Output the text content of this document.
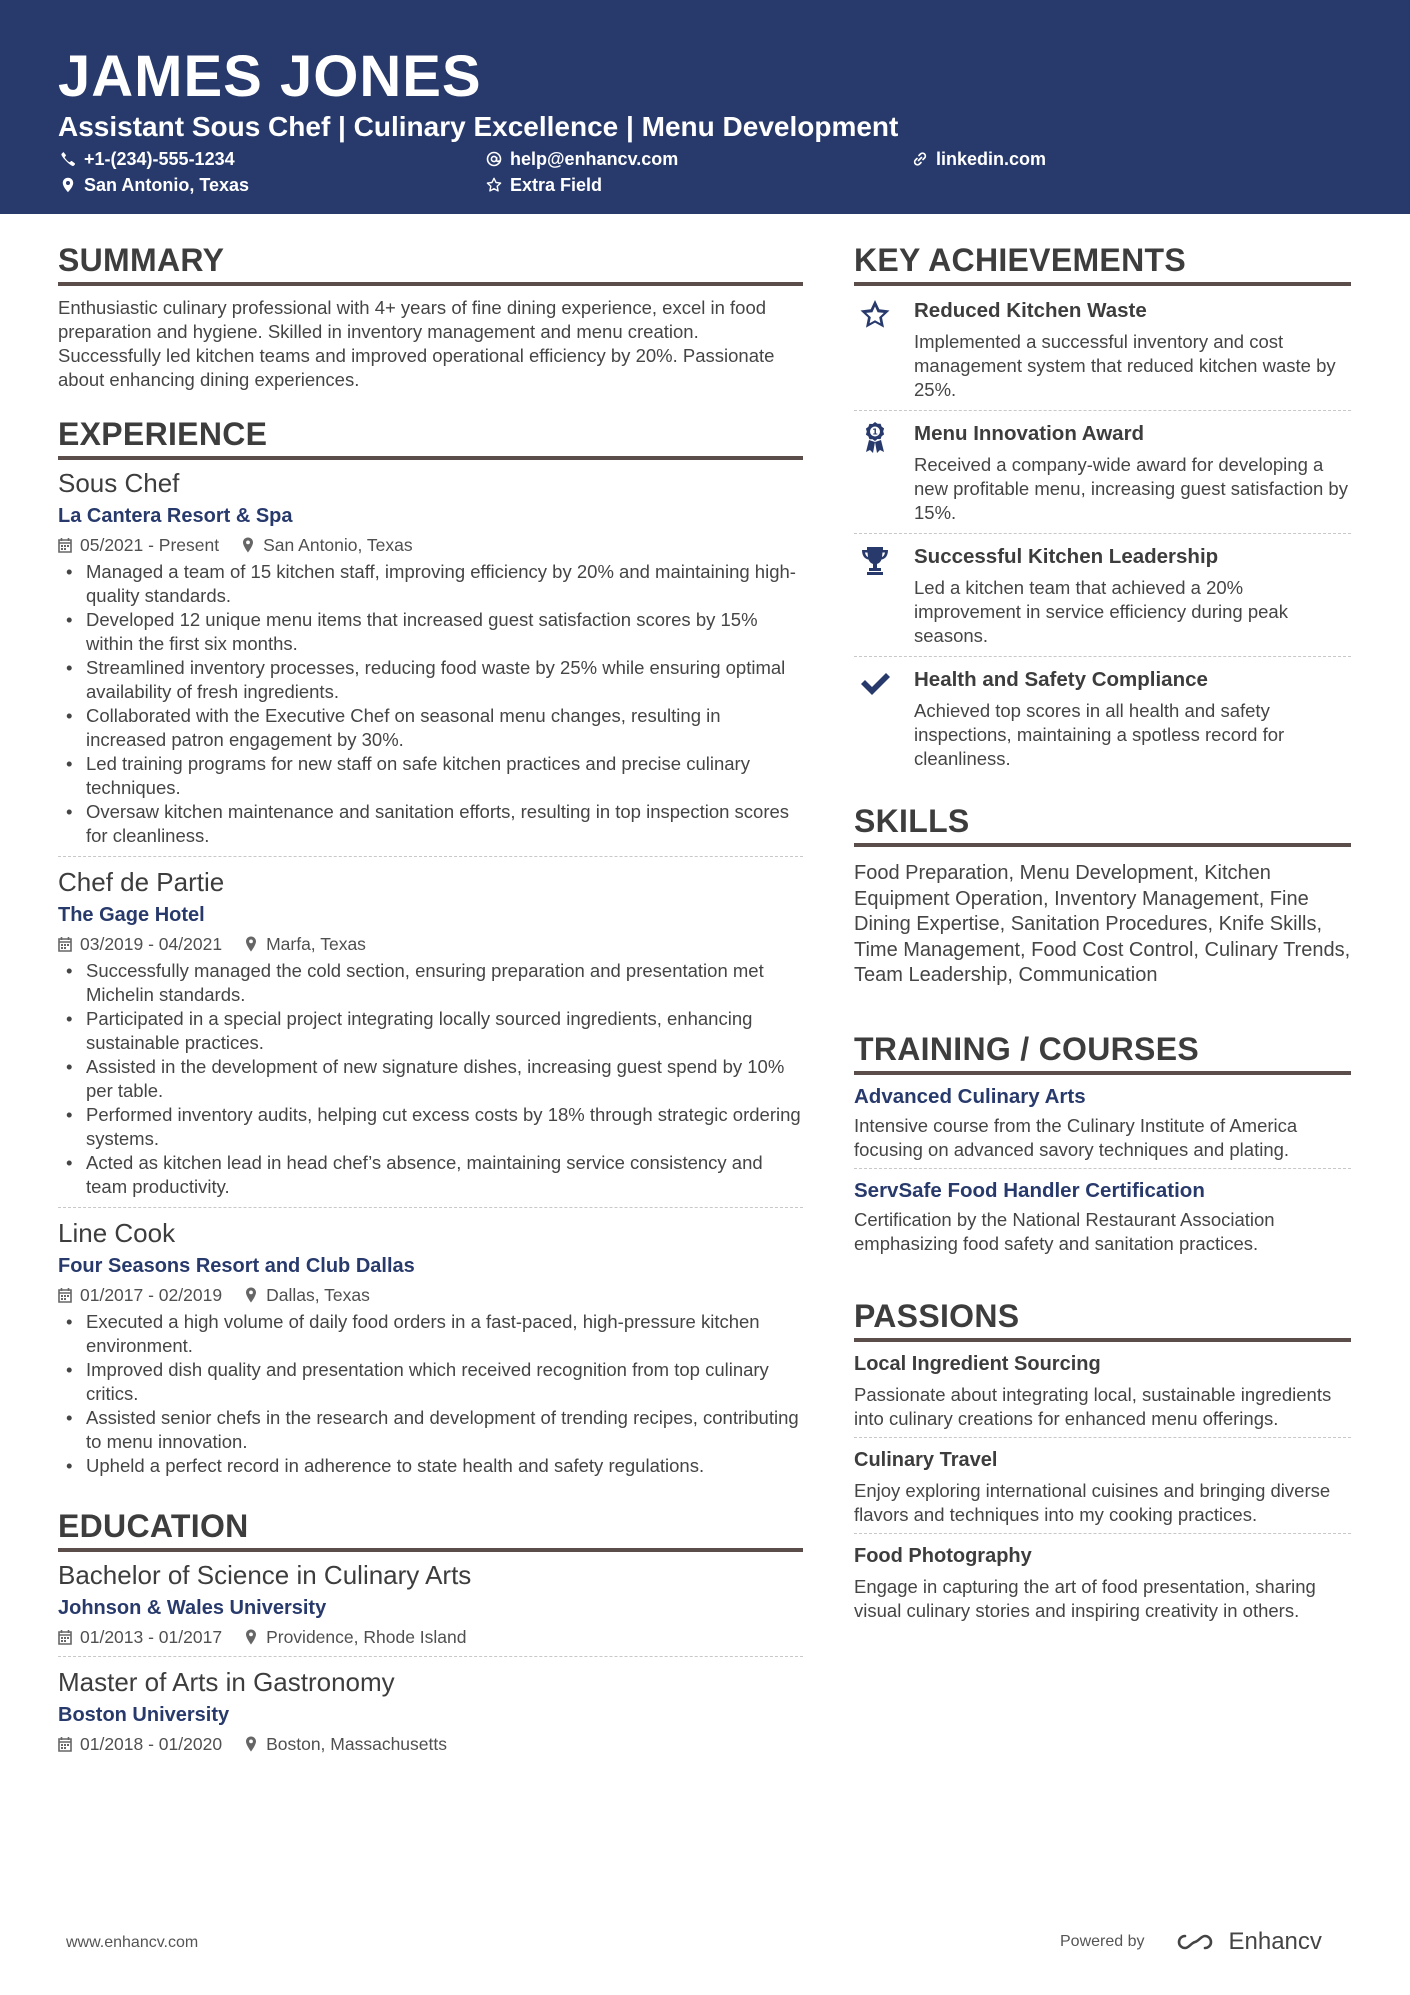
JAMES JONES
Assistant Sous Chef | Culinary Excellence | Menu Development
+1-(234)-555-1234	help@enhancv.com	linkedin.com
San Antonio, Texas	Extra Field
SUMMARY
Enthusiastic culinary professional with 4+ years of fine dining experience, excel in food preparation and hygiene. Skilled in inventory management and menu creation. Successfully led kitchen teams and improved operational efficiency by 20%. Passionate about enhancing dining experiences.
EXPERIENCE
Sous Chef
La Cantera Resort & Spa
05/2021 - Present	San Antonio, Texas
• Managed a team of 15 kitchen staff, improving efficiency by 20% and maintaining high-quality standards.
• Developed 12 unique menu items that increased guest satisfaction scores by 15% within the first six months.
• Streamlined inventory processes, reducing food waste by 25% while ensuring optimal availability of fresh ingredients.
• Collaborated with the Executive Chef on seasonal menu changes, resulting in increased patron engagement by 30%.
• Led training programs for new staff on safe kitchen practices and precise culinary techniques.
• Oversaw kitchen maintenance and sanitation efforts, resulting in top inspection scores for cleanliness.
Chef de Partie
The Gage Hotel
03/2019 - 04/2021	Marfa, Texas
• Successfully managed the cold section, ensuring preparation and presentation met Michelin standards.
• Participated in a special project integrating locally sourced ingredients, enhancing sustainable practices.
• Assisted in the development of new signature dishes, increasing guest spend by 10% per table.
• Performed inventory audits, helping cut excess costs by 18% through strategic ordering systems.
• Acted as kitchen lead in head chef’s absence, maintaining service consistency and team productivity.
Line Cook
Four Seasons Resort and Club Dallas
01/2017 - 02/2019	Dallas, Texas
• Executed a high volume of daily food orders in a fast-paced, high-pressure kitchen environment.
• Improved dish quality and presentation which received recognition from top culinary critics.
• Assisted senior chefs in the research and development of trending recipes, contributing to menu innovation.
• Upheld a perfect record in adherence to state health and safety regulations.
EDUCATION
Bachelor of Science in Culinary Arts
Johnson & Wales University
01/2013 - 01/2017	Providence, Rhode Island
Master of Arts in Gastronomy
Boston University
01/2018 - 01/2020	Boston, Massachusetts
KEY ACHIEVEMENTS
Reduced Kitchen Waste
Implemented a successful inventory and cost management system that reduced kitchen waste by 25%.
1 Menu Innovation Award
Received a company-wide award for developing a new profitable menu, increasing guest satisfaction by 15%.
Successful Kitchen Leadership
Led a kitchen team that achieved a 20% improvement in service efficiency during peak seasons.
Health and Safety Compliance
Achieved top scores in all health and safety inspections, maintaining a spotless record for cleanliness.
SKILLS
Food Preparation, Menu Development, Kitchen Equipment Operation, Inventory Management, Fine Dining Expertise, Sanitation Procedures, Knife Skills, Time Management, Food Cost Control, Culinary Trends, Team Leadership, Communication
TRAINING / COURSES
Advanced Culinary Arts
Intensive course from the Culinary Institute of America focusing on advanced savory techniques and plating.
ServSafe Food Handler Certification
Certification by the National Restaurant Association emphasizing food safety and sanitation practices.
PASSIONS
Local Ingredient Sourcing
Passionate about integrating local, sustainable ingredients into culinary creations for enhanced menu offerings.
Culinary Travel
Enjoy exploring international cuisines and bringing diverse flavors and techniques into my cooking practices.
Food Photography
Engage in capturing the art of food presentation, sharing visual culinary stories and inspiring creativity in others.
www.enhancv.com	Powered by	Enhancv
